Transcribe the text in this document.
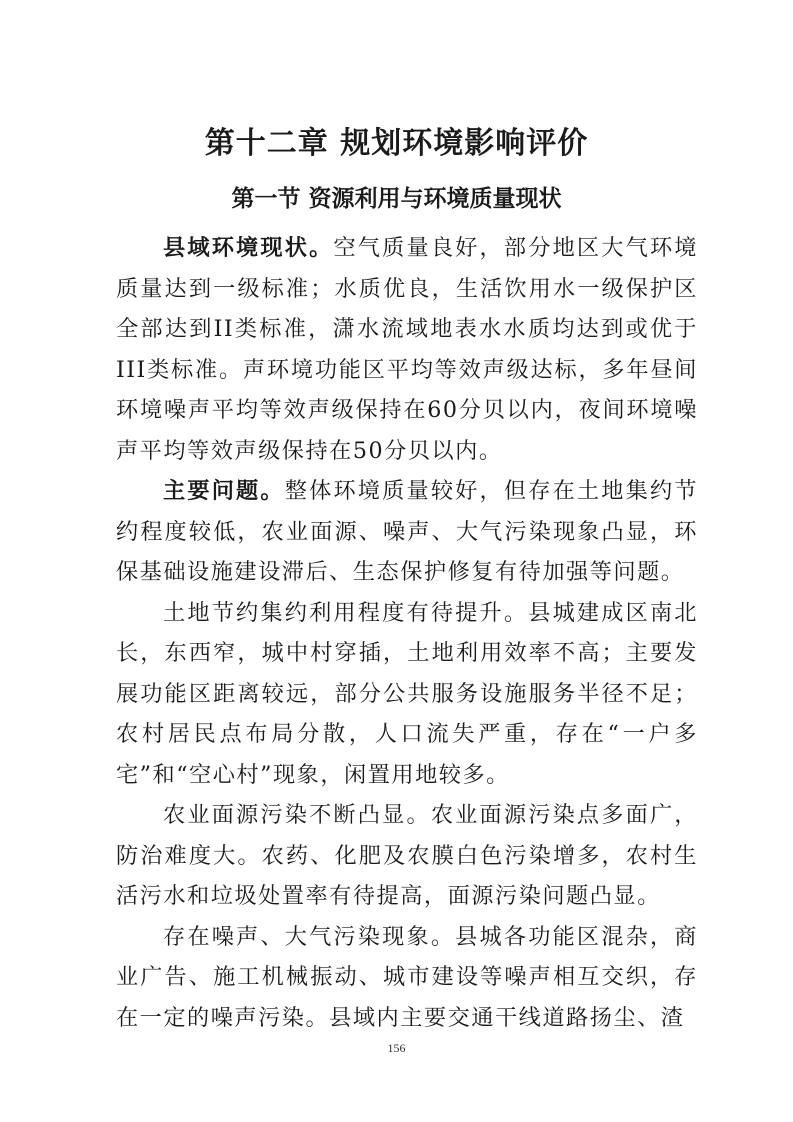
第十二章 规划环境影响评价
第一节 资源利用与环境质量现状

县域环境现状。空气质量良好，部分地区大气环境质量达到一级标准；水质优良，生活饮用水一级保护区全部达到II类标准，潇水流域地表水水质均达到或优于III类标准。声环境功能区平均等效声级达标，多年昼间环境噪声平均等效声级保持在60分贝以内，夜间环境噪声平均等效声级保持在50分贝以内。

主要问题。整体环境质量较好，但存在土地集约节约程度较低，农业面源、噪声、大气污染现象凸显，环保基础设施建设滞后、生态保护修复有待加强等问题。

土地节约集约利用程度有待提升。县城建成区南北长，东西窄，城中村穿插，土地利用效率不高；主要发展功能区距离较远，部分公共服务设施服务半径不足；农村居民点布局分散，人口流失严重，存在“一户多宅”和“空心村”现象，闲置用地较多。

农业面源污染不断凸显。农业面源污染点多面广，防治难度大。农药、化肥及农膜白色污染增多，农村生活污水和垃圾处置率有待提高，面源污染问题凸显。

存在噪声、大气污染现象。县城各功能区混杂，商业广告、施工机械振动、城市建设等噪声相互交织，存在一定的噪声污染。县域内主要交通干线道路扬尘、渣

156
